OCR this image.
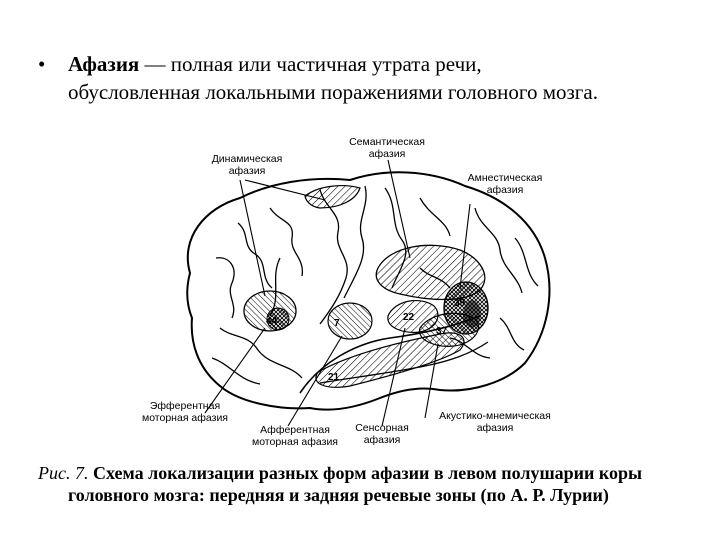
• Афазия — полная или частичная утрата речи,
обусловленная локальными поражениями головного мозга.
44	7
22
37
21
39
Семантическая
афазия
Динамическая
афазия
Амнестическая
афазия
Эфферентная
моторная афазия
Афферентная
моторная афазия
Сенсорная
афазия
Акустико-мнемическая
афазия
Рис. 7. Схема локализации разных форм афазии в левом полушарии коры
головного мозга: передняя и задняя речевые зоны (по А. Р. Лурии)
